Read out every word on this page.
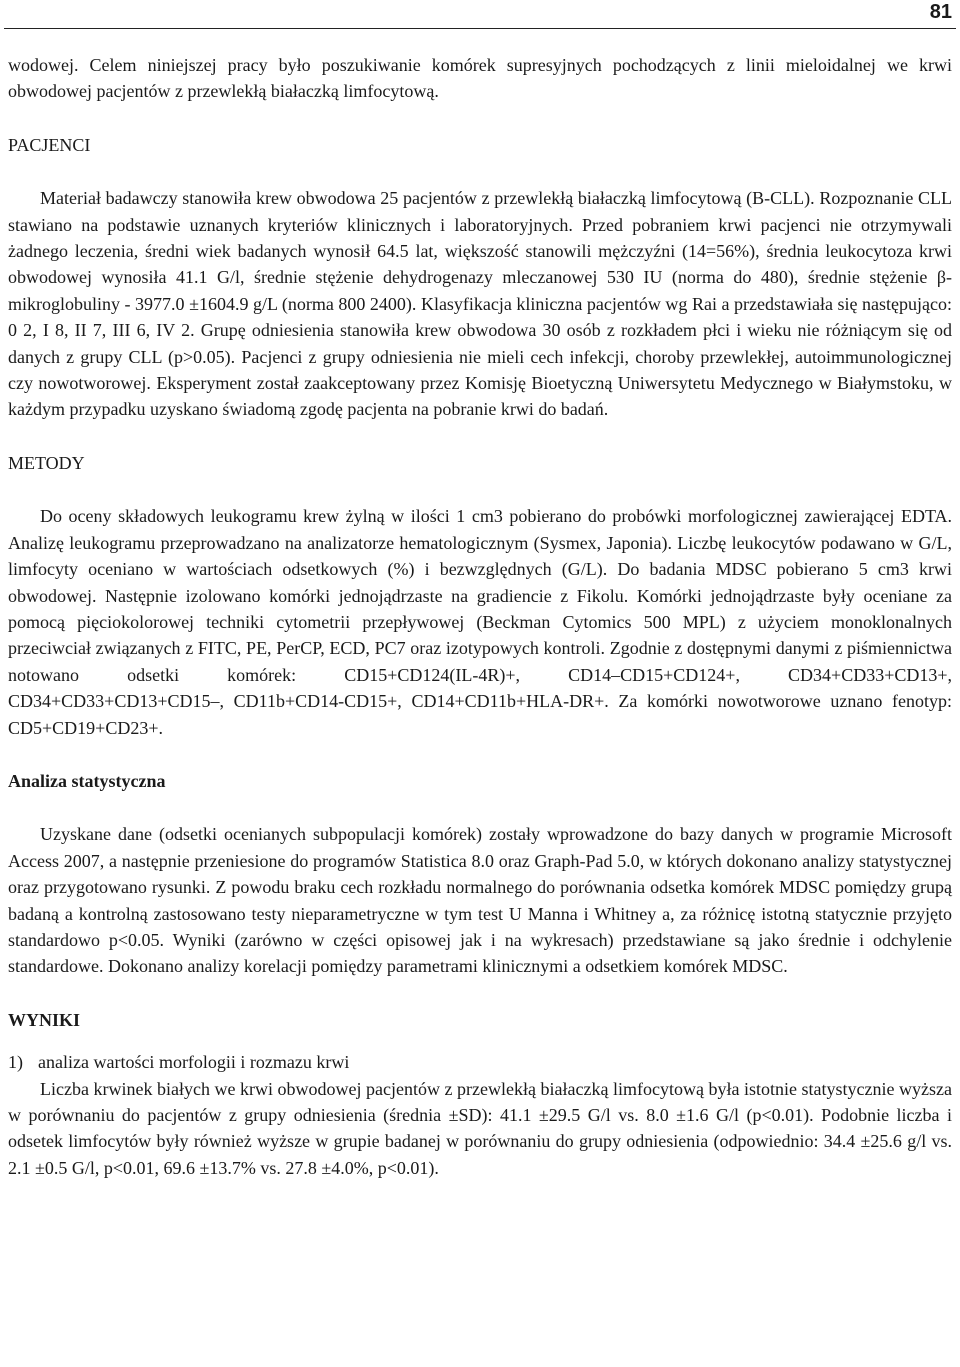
81

wodowej. Celem niniejszej pracy było poszukiwanie komórek supresyjnych pochodzących z linii mieloidalnej we krwi obwodowej pacjentów z przewlekłą białaczką limfocytową.

PACJENCI

Materiał badawczy stanowiła krew obwodowa 25 pacjentów z przewlekłą białaczką limfocytową (B-CLL). Rozpoznanie CLL stawiano na podstawie uznanych kryteriów klinicznych i laboratoryjnych. Przed pobraniem krwi pacjenci nie otrzymywali żadnego leczenia, średni wiek badanych wynosił 64.5 lat, większość stanowili mężczyźni (14=56%), średnia leukocytoza krwi obwodowej wynosiła 41.1 G/l, średnie stężenie dehydrogenazy mleczanowej 530 IU (norma do 480), średnie stężenie β-mikroglobuliny - 3977.0 ±1604.9 g/L (norma 800 2400). Klasyfikacja kliniczna pacjentów wg Rai a przedstawiała się następująco: 0 2, I 8, II 7, III 6, IV 2. Grupę odniesienia stanowiła krew obwodowa 30 osób z rozkładem płci i wieku nie różniącym się od danych z grupy CLL (p>0.05). Pacjenci z grupy odniesienia nie mieli cech infekcji, choroby przewlekłej, autoimmunologicznej czy nowotworowej. Eksperyment został zaakceptowany przez Komisję Bioetyczną Uniwersytetu Medycznego w Białymstoku, w każdym przypadku uzyskano świadomą zgodę pacjenta na pobranie krwi do badań.

METODY

Do oceny składowych leukogramu krew żylną w ilości 1 cm3 pobierano do probówki morfologicznej zawierającej EDTA. Analizę leukogramu przeprowadzano na analizatorze hematologicznym (Sysmex, Japonia). Liczbę leukocytów podawano w G/L, limfocyty oceniano w wartościach odsetkowych (%) i bezwzględnych (G/L). Do badania MDSC pobierano 5 cm3 krwi obwodowej. Następnie izolowano komórki jednojądrzaste na gradiencie z Fikolu. Komórki jednojądrzaste były oceniane za pomocą pięciokolorowej techniki cytometrii przepływowej (Beckman Cytomics 500 MPL) z użyciem monoklonalnych przeciwciał związanych z FITC, PE, PerCP, ECD, PC7 oraz izotypowych kontroli. Zgodnie z dostępnymi danymi z piśmiennictwa notowano odsetki komórek: CD15+CD124(IL-4R)+, CD14–CD15+CD124+, CD34+CD33+CD13+, CD34+CD33+CD13+CD15–, CD11b+CD14-CD15+, CD14+CD11b+HLA-DR+. Za komórki nowotworowe uznano fenotyp: CD5+CD19+CD23+.

Analiza statystyczna

Uzyskane dane (odsetki ocenianych subpopulacji komórek) zostały wprowadzone do bazy danych w programie Microsoft Access 2007, a następnie przeniesione do programów Statistica 8.0 oraz Graph-Pad 5.0, w których dokonano analizy statystycznej oraz przygotowano rysunki. Z powodu braku cech rozkładu normalnego do porównania odsetka komórek MDSC pomiędzy grupą badaną a kontrolną zastosowano testy nieparametryczne w tym test U Manna i Whitney a, za różnicę istotną statycznie przyjęto standardowo p<0.05. Wyniki (zarówno w części opisowej jak i na wykresach) przedstawiane są jako średnie i odchylenie standardowe. Dokonano analizy korelacji pomiędzy parametrami klinicznymi a odsetkiem komórek MDSC.

WYNIKI
1) analiza wartości morfologii i rozmazu krwi

Liczba krwinek białych we krwi obwodowej pacjentów z przewlekłą białaczką limfocytową była istotnie statystycznie wyższa w porównaniu do pacjentów z grupy odniesienia (średnia ±SD): 41.1 ±29.5 G/l vs. 8.0 ±1.6 G/l (p<0.01). Podobnie liczba i odsetek limfocytów były również wyższe w grupie badanej w porównaniu do grupy odniesienia (odpowiednio: 34.4 ±25.6 g/l vs. 2.1 ±0.5 G/l, p<0.01, 69.6 ±13.7% vs. 27.8 ±4.0%, p<0.01).
